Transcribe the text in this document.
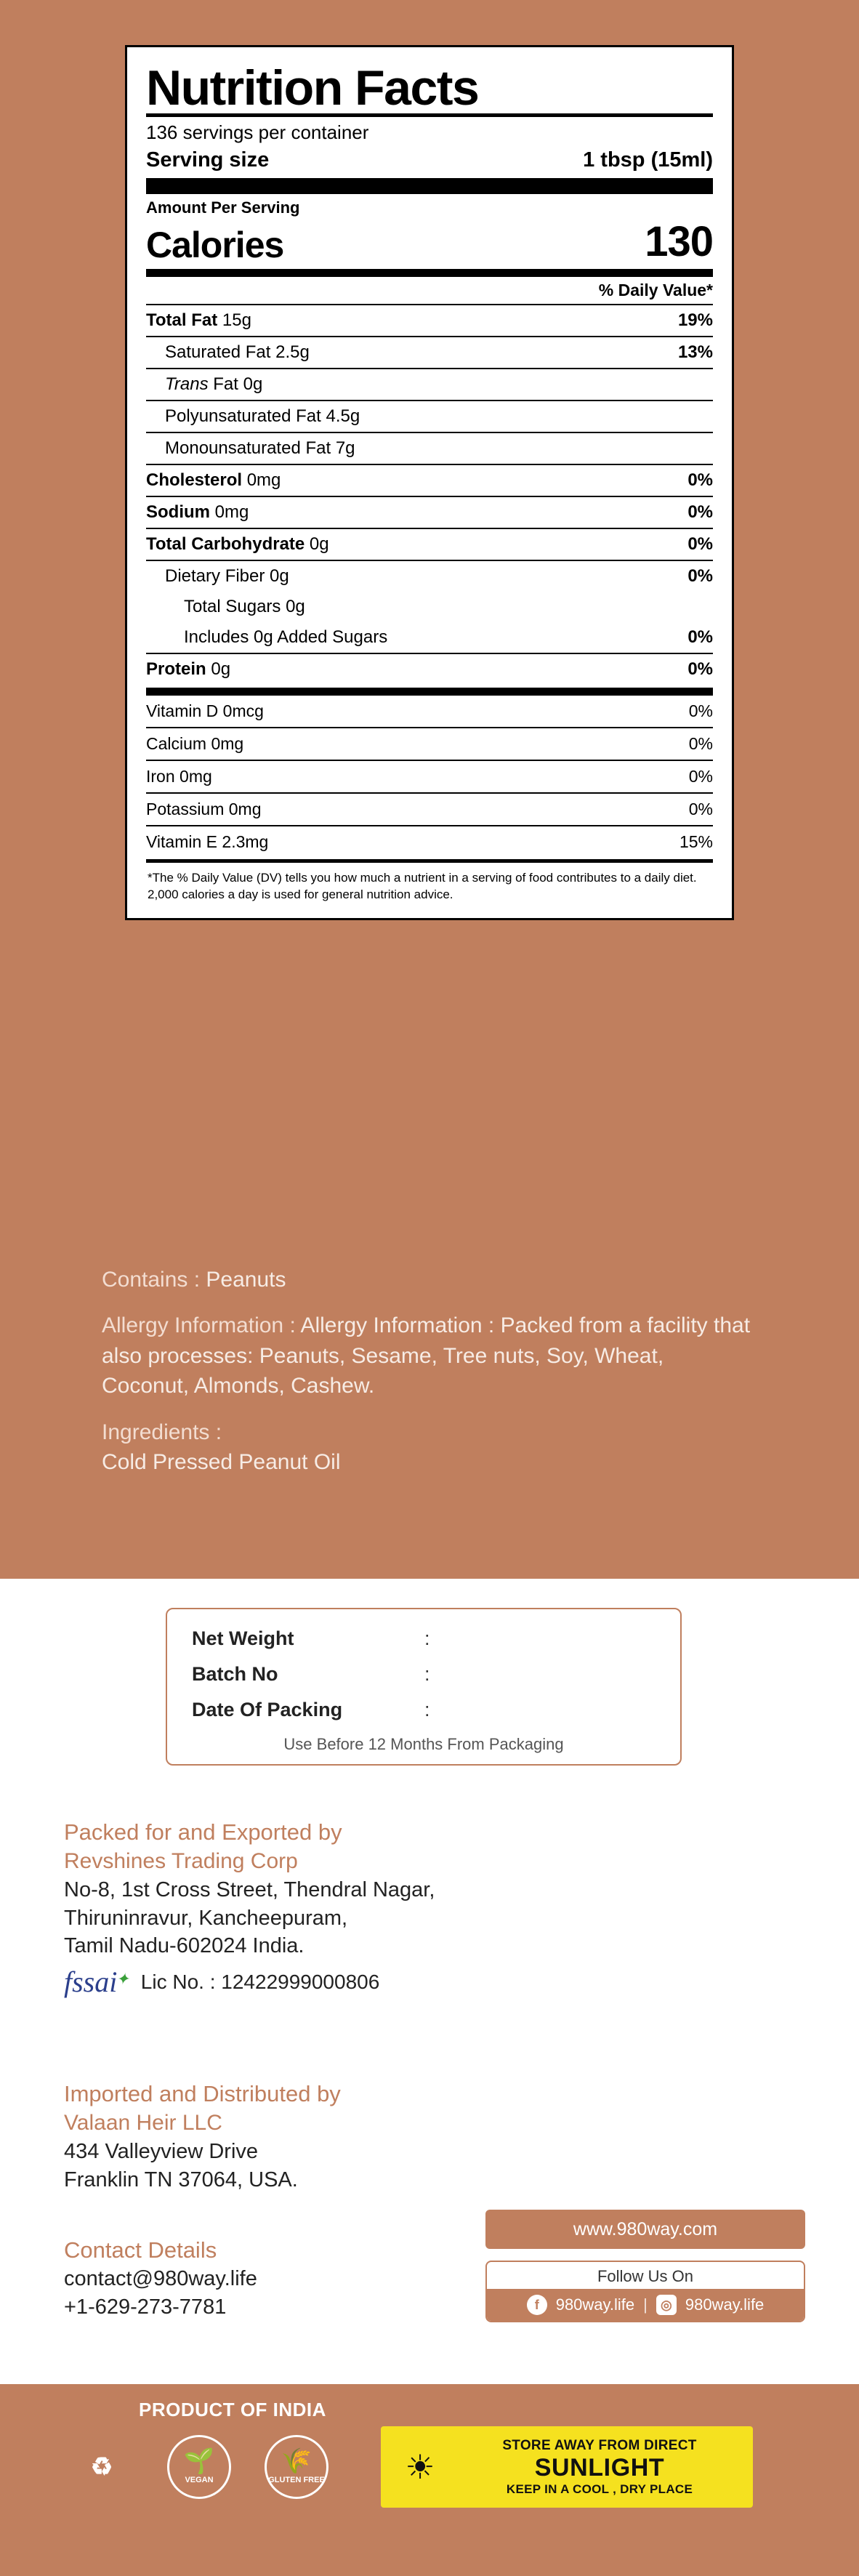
Nutrition Facts
136 servings per container
Serving size	1 tbsp (15ml)
Amount Per Serving
Calories	130
% Daily Value*
Total Fat 15g	19%
Saturated Fat 2.5g	13%
Trans Fat 0g
Polyunsaturated Fat 4.5g
Monounsaturated Fat 7g
Cholesterol 0mg	0%
Sodium 0mg	0%
Total Carbohydrate 0g	0%
Dietary Fiber 0g	0%
Total Sugars 0g
Includes 0g Added Sugars	0%
Protein 0g	0%
Vitamin D 0mcg	0%
Calcium 0mg	0%
Iron 0mg	0%
Potassium 0mg	0%
Vitamin E 2.3mg	15%
*The % Daily Value (DV) tells you how much a nutrient in a serving of food contributes to a daily diet. 2,000 calories a day is used for general nutrition advice.
Contains : Peanuts
Allergy Information : Allergy Information : Packed from a facility that also processes: Peanuts, Sesame, Tree nuts, Soy, Wheat, Coconut, Almonds, Cashew.
Ingredients :
Cold Pressed Peanut Oil
Net Weight	:
Batch No	:
Date Of Packing	:
Use Before 12 Months From Packaging
Packed for and Exported by
Revshines Trading Corp
No-8, 1st Cross Street, Thendral Nagar,
Thiruninravur, Kancheepuram,
Tamil Nadu-602024 India.
fssai✦ Lic No. : 12422999000806
Imported and Distributed by
Valaan Heir LLC
434 Valleyview Drive
Franklin TN 37064, USA.
Contact Details
contact@980way.life
+1-629-273-7781
www.980way.com
Follow Us On
f	980way.life |	◎ 980way.life
PRODUCT OF INDIA
♻	🌱
VEGAN
🌾
GLUTEN FREE	☀
STORE AWAY FROM DIRECT
SUNLIGHT
KEEP IN A COOL , DRY PLACE
